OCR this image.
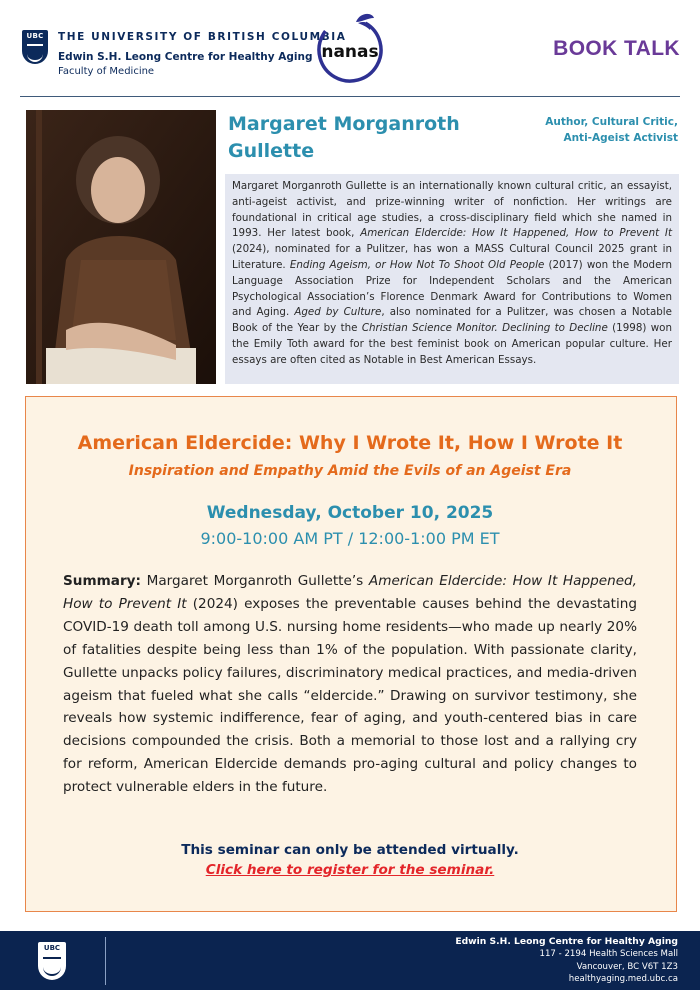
UBC	THE UNIVERSITY OF BRITISH COLUMBIA
Edwin S.H. Leong Centre for Healthy Aging
Faculty of Medicine
nanas	BOOK TALK
Margaret Morganroth Gullette
Author, Cultural Critic,
Anti-Ageist Activist

Margaret Morganroth Gullette is an internationally known cultural critic, an essayist, anti-ageist activist, and prize-winning writer of nonfiction. Her writings are foundational in critical age studies, a cross-disciplinary field which she named in 1993. Her latest book, American Eldercide: How It Happened, How to Prevent It (2024), nominated for a Pulitzer, has won a MASS Cultural Council 2025 grant in Literature. Ending Ageism, or How Not To Shoot Old People (2017) won the Modern Language Association Prize for Independent Scholars and the American Psychological Association’s Florence Denmark Award for Contributions to Women and Aging. Aged by Culture, also nominated for a Pulitzer, was chosen a Notable Book of the Year by the Christian Science Monitor. Declining to Decline (1998) won the Emily Toth award for the best feminist book on American popular culture. Her essays are often cited as Notable in Best American Essays.

American Eldercide: Why I Wrote It, How I Wrote It
Inspiration and Empathy Amid the Evils of an Ageist Era
Wednesday, October 10, 2025
9:00-10:00 AM PT / 12:00-1:00 PM ET

Summary: Margaret Morganroth Gullette’s American Eldercide: How It Happened, How to Prevent It (2024) exposes the preventable causes behind the devastating COVID-19 death toll among U.S. nursing home residents—who made up nearly 20% of fatalities despite being less than 1% of the population. With passionate clarity, Gullette unpacks policy failures, discriminatory medical practices, and media-driven ageism that fueled what she calls “eldercide.” Drawing on survivor testimony, she reveals how systemic indifference, fear of aging, and youth-centered bias in care decisions compounded the crisis. Both a memorial to those lost and a rallying cry for reform, American Eldercide demands pro-aging cultural and policy changes to protect vulnerable elders in the future.

This seminar can only be attended virtually.
Click here to register for the seminar.
UBC
Edwin S.H. Leong Centre for Healthy Aging
117 - 2194 Health Sciences Mall
Vancouver, BC V6T 1Z3
healthyaging.med.ubc.ca
